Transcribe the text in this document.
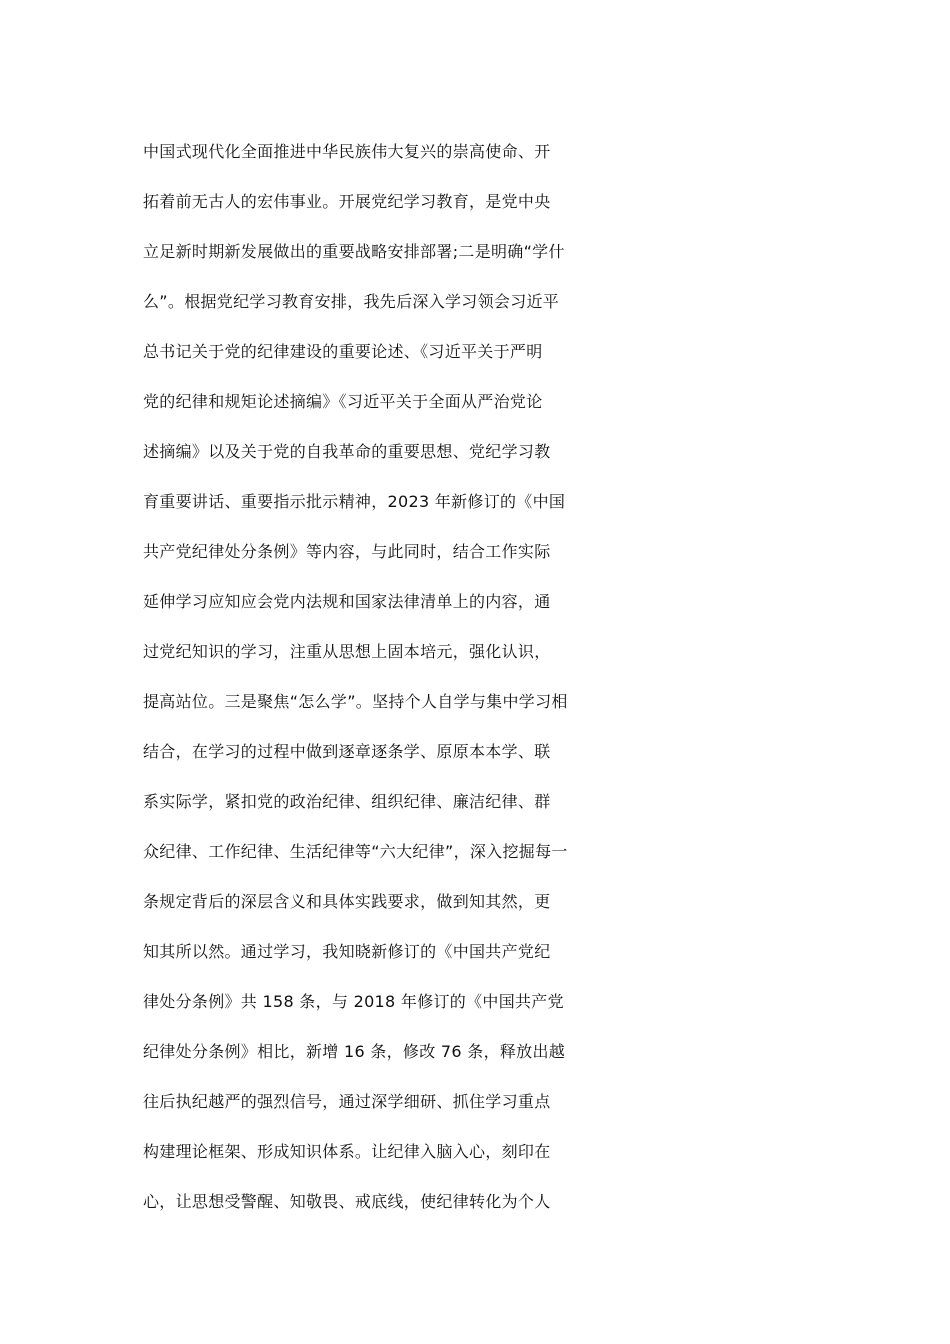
中国式现代化全面推进中华民族伟大复兴的崇高使命、开
拓着前无古人的宏伟事业。开展党纪学习教育，是党中央
立足新时期新发展做出的重要战略安排部署;二是明确“学什
么”。根据党纪学习教育安排，我先后深入学习领会习近平
总书记关于党的纪律建设的重要论述、《习近平关于严明
党的纪律和规矩论述摘编》《习近平关于全面从严治党论
述摘编》以及关于党的自我革命的重要思想、党纪学习教
育重要讲话、重要指示批示精神，2023 年新修订的《中国
共产党纪律处分条例》等内容，与此同时，结合工作实际
延伸学习应知应会党内法规和国家法律清单上的内容，通
过党纪知识的学习，注重从思想上固本培元，强化认识，
提高站位。三是聚焦“怎么学”。坚持个人自学与集中学习相
结合，在学习的过程中做到逐章逐条学、原原本本学、联
系实际学，紧扣党的政治纪律、组织纪律、廉洁纪律、群
众纪律、工作纪律、生活纪律等“六大纪律”，深入挖掘每一
条规定背后的深层含义和具体实践要求，做到知其然，更
知其所以然。通过学习，我知晓新修订的《中国共产党纪
律处分条例》共 158 条，与 2018 年修订的《中国共产党
纪律处分条例》相比，新增 16 条，修改 76 条，释放出越
往后执纪越严的强烈信号，通过深学细研、抓住学习重点
构建理论框架、形成知识体系。让纪律入脑入心，刻印在
心，让思想受警醒、知敬畏、戒底线，使纪律转化为个人
